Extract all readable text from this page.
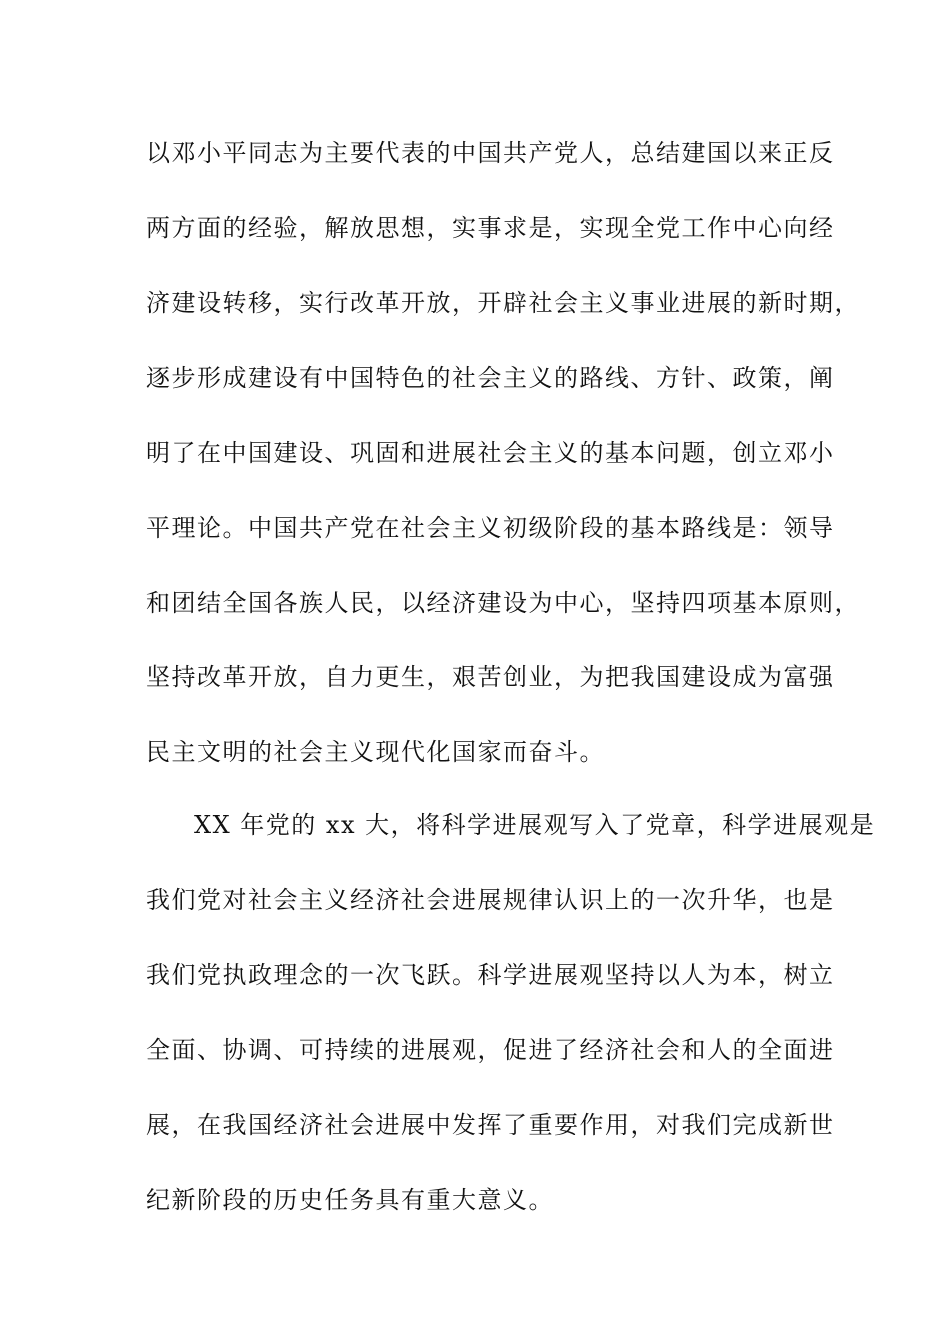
以邓小平同志为主要代表的中国共产党人，总结建国以来正反
两方面的经验，解放思想，实事求是，实现全党工作中心向经
济建设转移，实行改革开放，开辟社会主义事业进展的新时期，
逐步形成建设有中国特色的社会主义的路线、方针、政策，阐
明了在中国建设、巩固和进展社会主义的基本问题，创立邓小
平理论。中国共产党在社会主义初级阶段的基本路线是：领导
和团结全国各族人民，以经济建设为中心，坚持四项基本原则，
坚持改革开放，自力更生，艰苦创业，为把我国建设成为富强
民主文明的社会主义现代化国家而奋斗。
XX 年党的 xx 大，将科学进展观写入了党章，科学进展观是
我们党对社会主义经济社会进展规律认识上的一次升华，也是
我们党执政理念的一次飞跃。科学进展观坚持以人为本，树立
全面、协调、可持续的进展观，促进了经济社会和人的全面进
展，在我国经济社会进展中发挥了重要作用，对我们完成新世
纪新阶段的历史任务具有重大意义。
